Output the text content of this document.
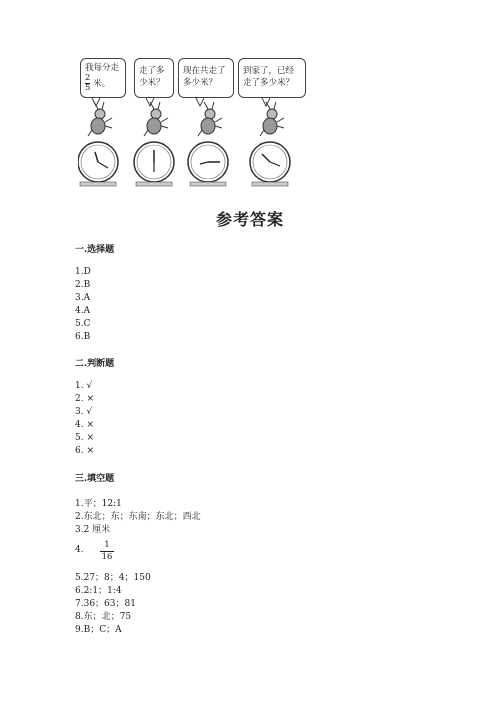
我每分走

$\frac{2}{5}$ 米。
走了多少米？
现在共走了多少米？
到家了，已经走了多少米？
参考答案
一.选择题
1.D
2.B
3.A
4.A
5.C
6.B
二.判断题
1. √
2. ×
3. √
4. ×
5. ×
6. ×
三.填空题
1.平；12:1
2.东北；东；东南；东北；西北
3.2 厘米
4.	1
16
5.27；8；4；150
6.2:1；1:4
7.36；63；81
8.东；北；75
9.B；C；A
